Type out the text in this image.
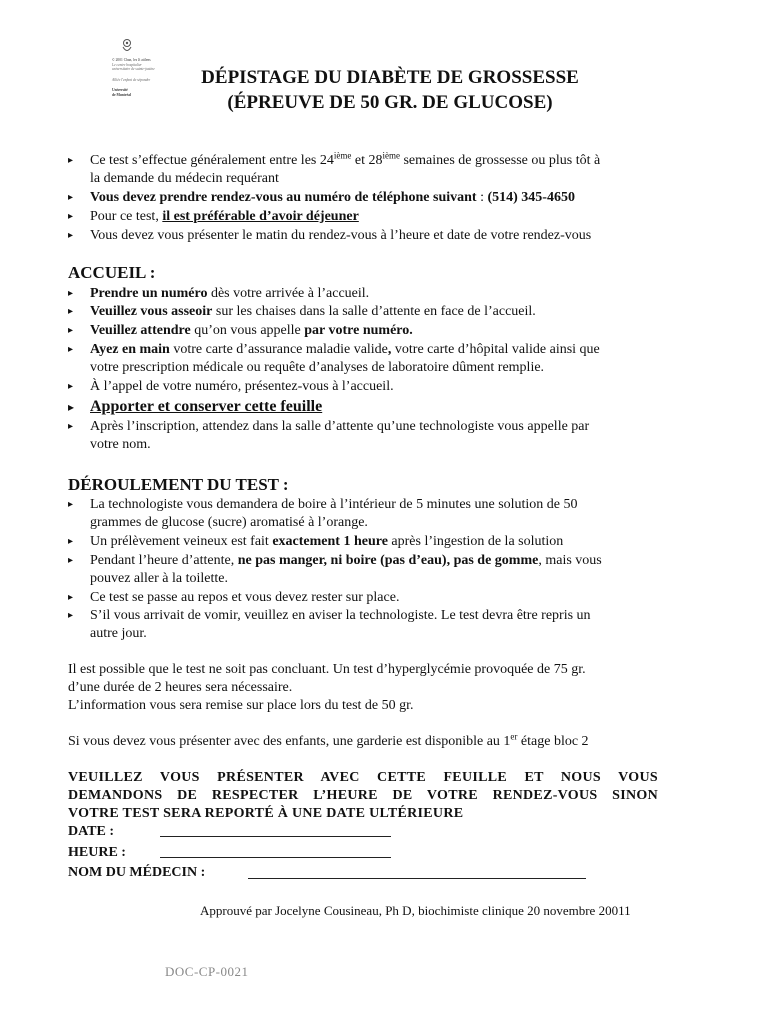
© 2001 Chan, les Ji atilens
Le centre hospitalier
universitaire de sainte-justine
Alliée l'enfant de sépondre
Université
de Montréal
DÉPISTAGE DU DIABÈTE DE GROSSESSE
(ÉPREUVE DE 50 GR. DE GLUCOSE)
▸ Ce test s’effectue généralement entre les 24ième et 28ième semaines de grossesse ou plus tôt à
la demande du médecin requérant
▸ Vous devez prendre rendez-vous au numéro de téléphone suivant : (514) 345-4650
▸ Pour ce test, il est préférable d’avoir déjeuner
▸ Vous devez vous présenter le matin du rendez-vous à l’heure et date de votre rendez-vous
ACCUEIL :
▸ Prendre un numéro dès votre arrivée à l’accueil.
▸ Veuillez vous asseoir sur les chaises dans la salle d’attente en face de l’accueil.
▸ Veuillez attendre qu’on vous appelle par votre numéro.
▸ Ayez en main votre carte d’assurance maladie valide, votre carte d’hôpital valide ainsi que
votre prescription médicale ou requête d’analyses de laboratoire dûment remplie.
▸ À l’appel de votre numéro, présentez-vous à l’accueil.
▸ Apporter et conserver cette feuille
▸ Après l’inscription, attendez dans la salle d’attente qu’une technologiste vous appelle par
votre nom.
DÉROULEMENT DU TEST :
▸ La technologiste vous demandera de boire à l’intérieur de 5 minutes une solution de 50
grammes de glucose (sucre) aromatisé à l’orange.
▸ Un prélèvement veineux est fait exactement 1 heure après l’ingestion de la solution
▸ Pendant l’heure d’attente, ne pas manger, ni boire (pas d’eau), pas de gomme, mais vous
pouvez aller à la toilette.
▸ Ce test se passe au repos et vous devez rester sur place.
▸ S’il vous arrivait de vomir, veuillez en aviser la technologiste. Le test devra être repris un
autre jour.
Il est possible que le test ne soit pas concluant. Un test d’hyperglycémie provoquée de 75 gr.
d’une durée de 2 heures sera nécessaire.
L’information vous sera remise sur place lors du test de 50 gr.
Si vous devez vous présenter avec des enfants, une garderie est disponible au 1er étage bloc 2
VEUILLEZ VOUS PRÉSENTER AVEC CETTE FEUILLE ET NOUS VOUS
DEMANDONS DE RESPECTER L’HEURE DE VOTRE RENDEZ-VOUS SINON
VOTRE TEST SERA REPORTÉ À UNE DATE ULTÉRIEURE
DATE :
HEURE :
NOM DU MÉDECIN :
Approuvé par Jocelyne Cousineau, Ph D, biochimiste clinique 20 novembre 20011
DOC-CP-0021
